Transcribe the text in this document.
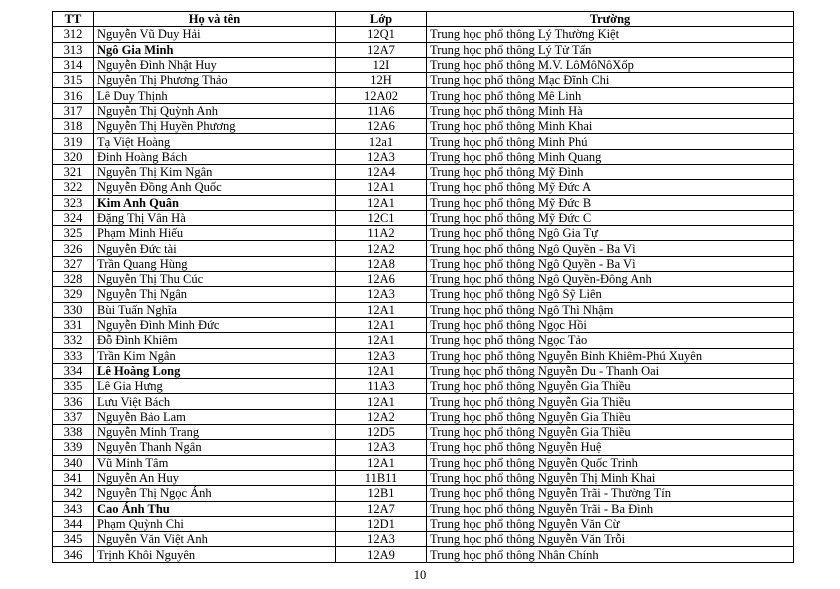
TT	Họ và tên	Lớp	Trường
312	Nguyễn Vũ Duy Hải	12Q1	Trung học phổ thông Lý Thường Kiệt
313	Ngô Gia Minh	12A7	Trung học phổ thông Lý Tử Tấn
314	Nguyễn Đình Nhật Huy	12I	Trung học phổ thông M.V. LôMôNôXốp
315	Nguyễn Thị Phương Thảo	12H	Trung học phổ thông Mạc Đĩnh Chi
316	Lê Duy Thịnh	12A02	Trung học phổ thông Mê Linh
317	Nguyễn Thị Quỳnh Anh	11A6	Trung học phổ thông Minh Hà
318	Nguyễn Thị Huyền Phương	12A6	Trung học phổ thông Minh Khai
319	Tạ Việt Hoàng	12a1	Trung học phổ thông Minh Phú
320	Đinh Hoàng Bách	12A3	Trung học phổ thông Minh Quang
321	Nguyễn Thị Kim Ngân	12A4	Trung học phổ thông Mỹ Đình
322	Nguyễn Đồng Anh Quốc	12A1	Trung học phổ thông Mỹ Đức A
323	Kim Anh Quân	12A1	Trung học phổ thông Mỹ Đức B
324	Đặng Thị Vân Hà	12C1	Trung học phổ thông Mỹ Đức C
325	Phạm Minh Hiếu	11A2	Trung học phổ thông Ngô Gia Tự
326	Nguyễn Đức tài	12A2	Trung học phổ thông Ngô Quyền - Ba Vì
327	Trần Quang Hùng	12A8	Trung học phổ thông Ngô Quyền - Ba Vì
328	Nguyễn Thị Thu Cúc	12A6	Trung học phổ thông Ngô Quyền-Đông Anh
329	Nguyễn Thị Ngân	12A3	Trung học phổ thông Ngô Sỹ Liên
330	Bùi Tuấn Nghĩa	12A1	Trung học phổ thông Ngô Thì Nhậm
331	Nguyễn Đình Minh Đức	12A1	Trung học phổ thông Ngọc Hồi
332	Đỗ Đình Khiêm	12A1	Trung học phổ thông Ngọc Tảo
333	Trần Kim Ngân	12A3	Trung học phổ thông Nguyễn Bỉnh Khiêm-Phú Xuyên
334	Lê Hoàng Long	12A1	Trung học phổ thông Nguyễn Du - Thanh Oai
335	Lê Gia Hưng	11A3	Trung học phổ thông Nguyễn Gia Thiều
336	Lưu Việt Bách	12A1	Trung học phổ thông Nguyễn Gia Thiều
337	Nguyễn Bảo Lam	12A2	Trung học phổ thông Nguyễn Gia Thiều
338	Nguyễn Minh Trang	12D5	Trung học phổ thông Nguyễn Gia Thiều
339	Nguyễn Thanh Ngân	12A3	Trung học phổ thông Nguyễn Huệ
340	Vũ Minh Tâm	12A1	Trung học phổ thông Nguyễn Quốc Trinh
341	Nguyễn An Huy	11B11	Trung học phổ thông Nguyễn Thị Minh Khai
342	Nguyễn Thị Ngọc Ánh	12B1	Trung học phổ thông Nguyễn Trãi - Thường Tín
343	Cao Ánh Thu	12A7	Trung học phổ thông Nguyễn Trãi - Ba Đình
344	Phạm Quỳnh Chi	12D1	Trung học phổ thông Nguyễn Văn Cừ
345	Nguyễn Văn Việt Anh	12A3	Trung học phổ thông Nguyễn Văn Trỗi
346	Trịnh Khôi Nguyên	12A9	Trung học phổ thông Nhân Chính
10
